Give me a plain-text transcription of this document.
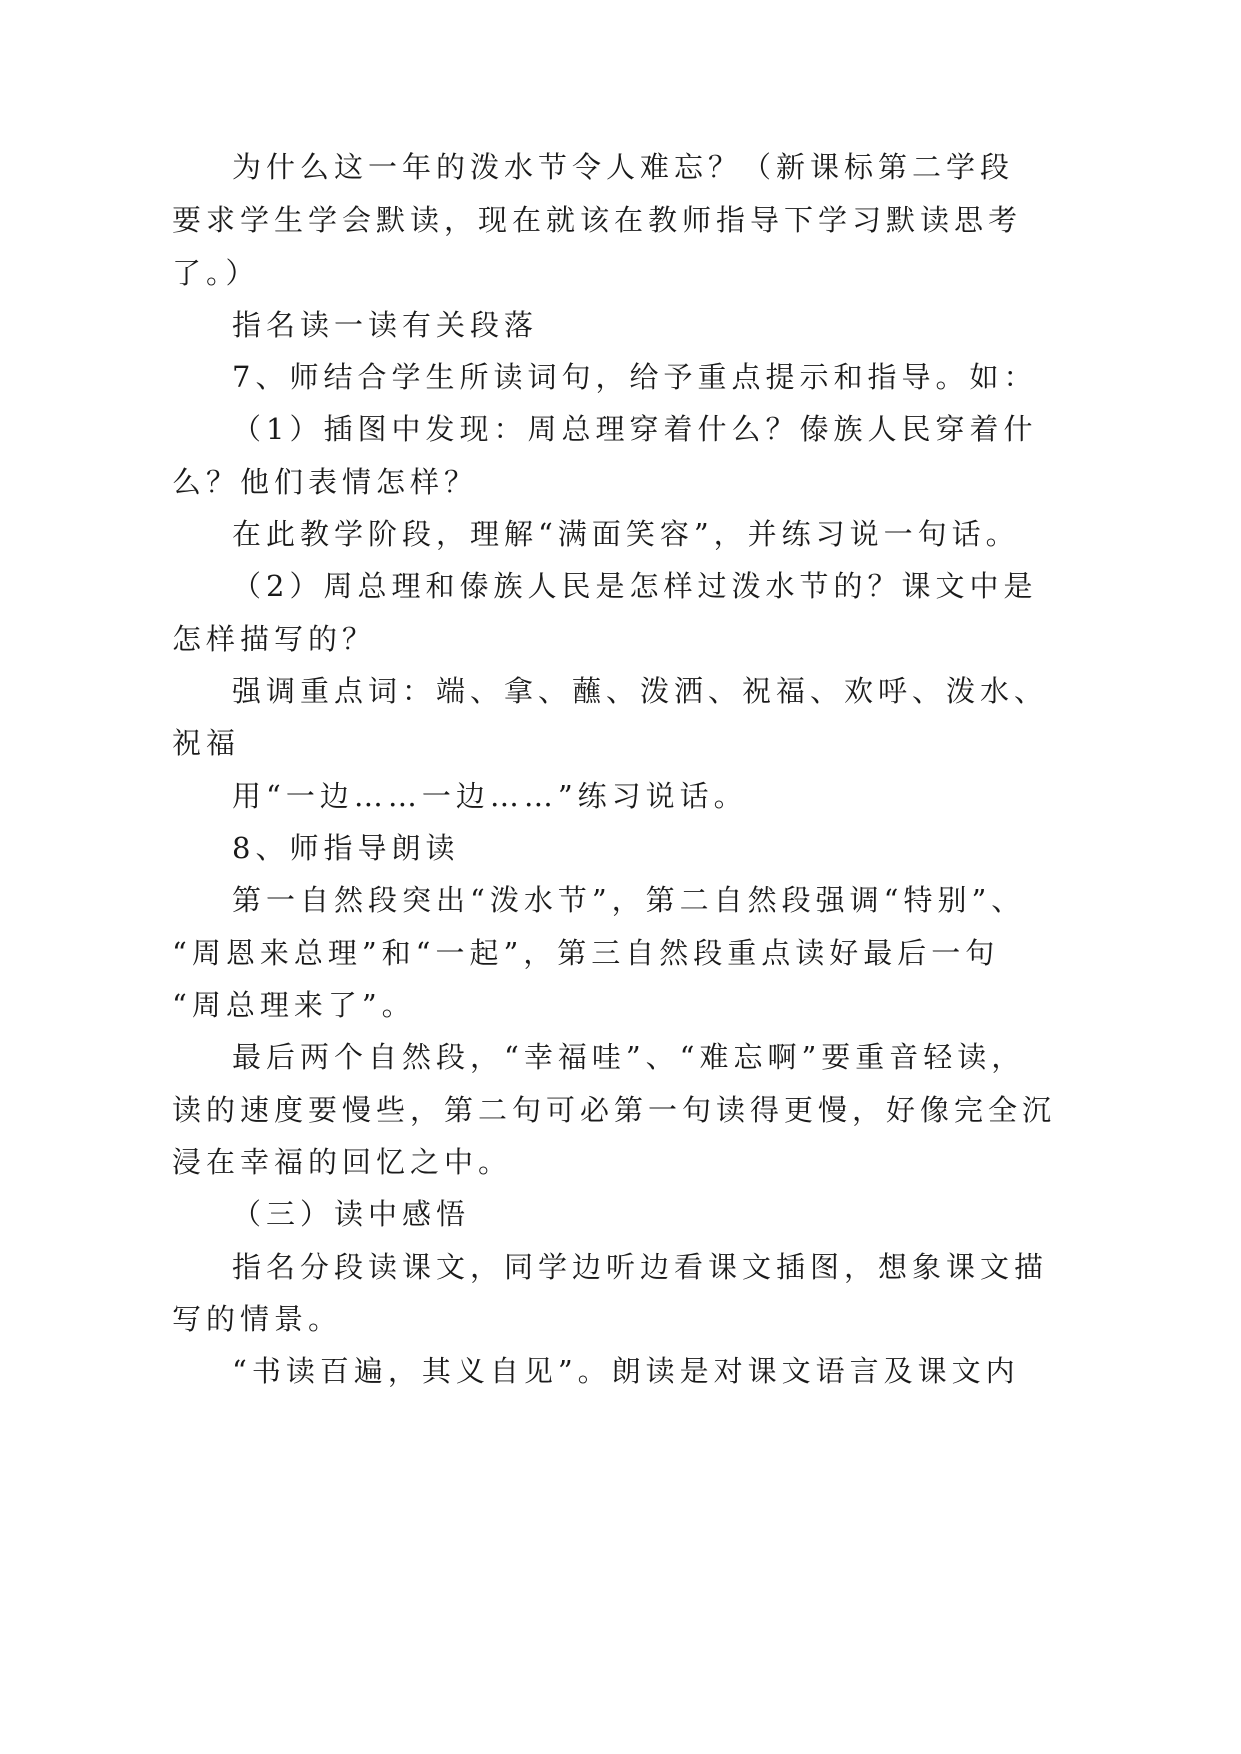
为什么这一年的泼水节令人难忘？（新课标第二学段
要求学生学会默读，现在就该在教师指导下学习默读思考
了。）
指名读一读有关段落
7、师结合学生所读词句，给予重点提示和指导。如：
（1）插图中发现：周总理穿着什么？傣族人民穿着什
么？他们表情怎样？
在此教学阶段，理解“满面笑容”，并练习说一句话。
（2）周总理和傣族人民是怎样过泼水节的？课文中是
怎样描写的？
强调重点词：端、拿、蘸、泼洒、祝福、欢呼、泼水、
祝福
用“一边……一边……”练习说话。
8、师指导朗读
第一自然段突出“泼水节”，第二自然段强调“特别”、
“周恩来总理”和“一起”，第三自然段重点读好最后一句
“周总理来了”。
最后两个自然段，“幸福哇”、“难忘啊”要重音轻读，
读的速度要慢些，第二句可必第一句读得更慢，好像完全沉
浸在幸福的回忆之中。
（三）读中感悟
指名分段读课文，同学边听边看课文插图，想象课文描
写的情景。
“书读百遍，其义自见”。朗读是对课文语言及课文内
